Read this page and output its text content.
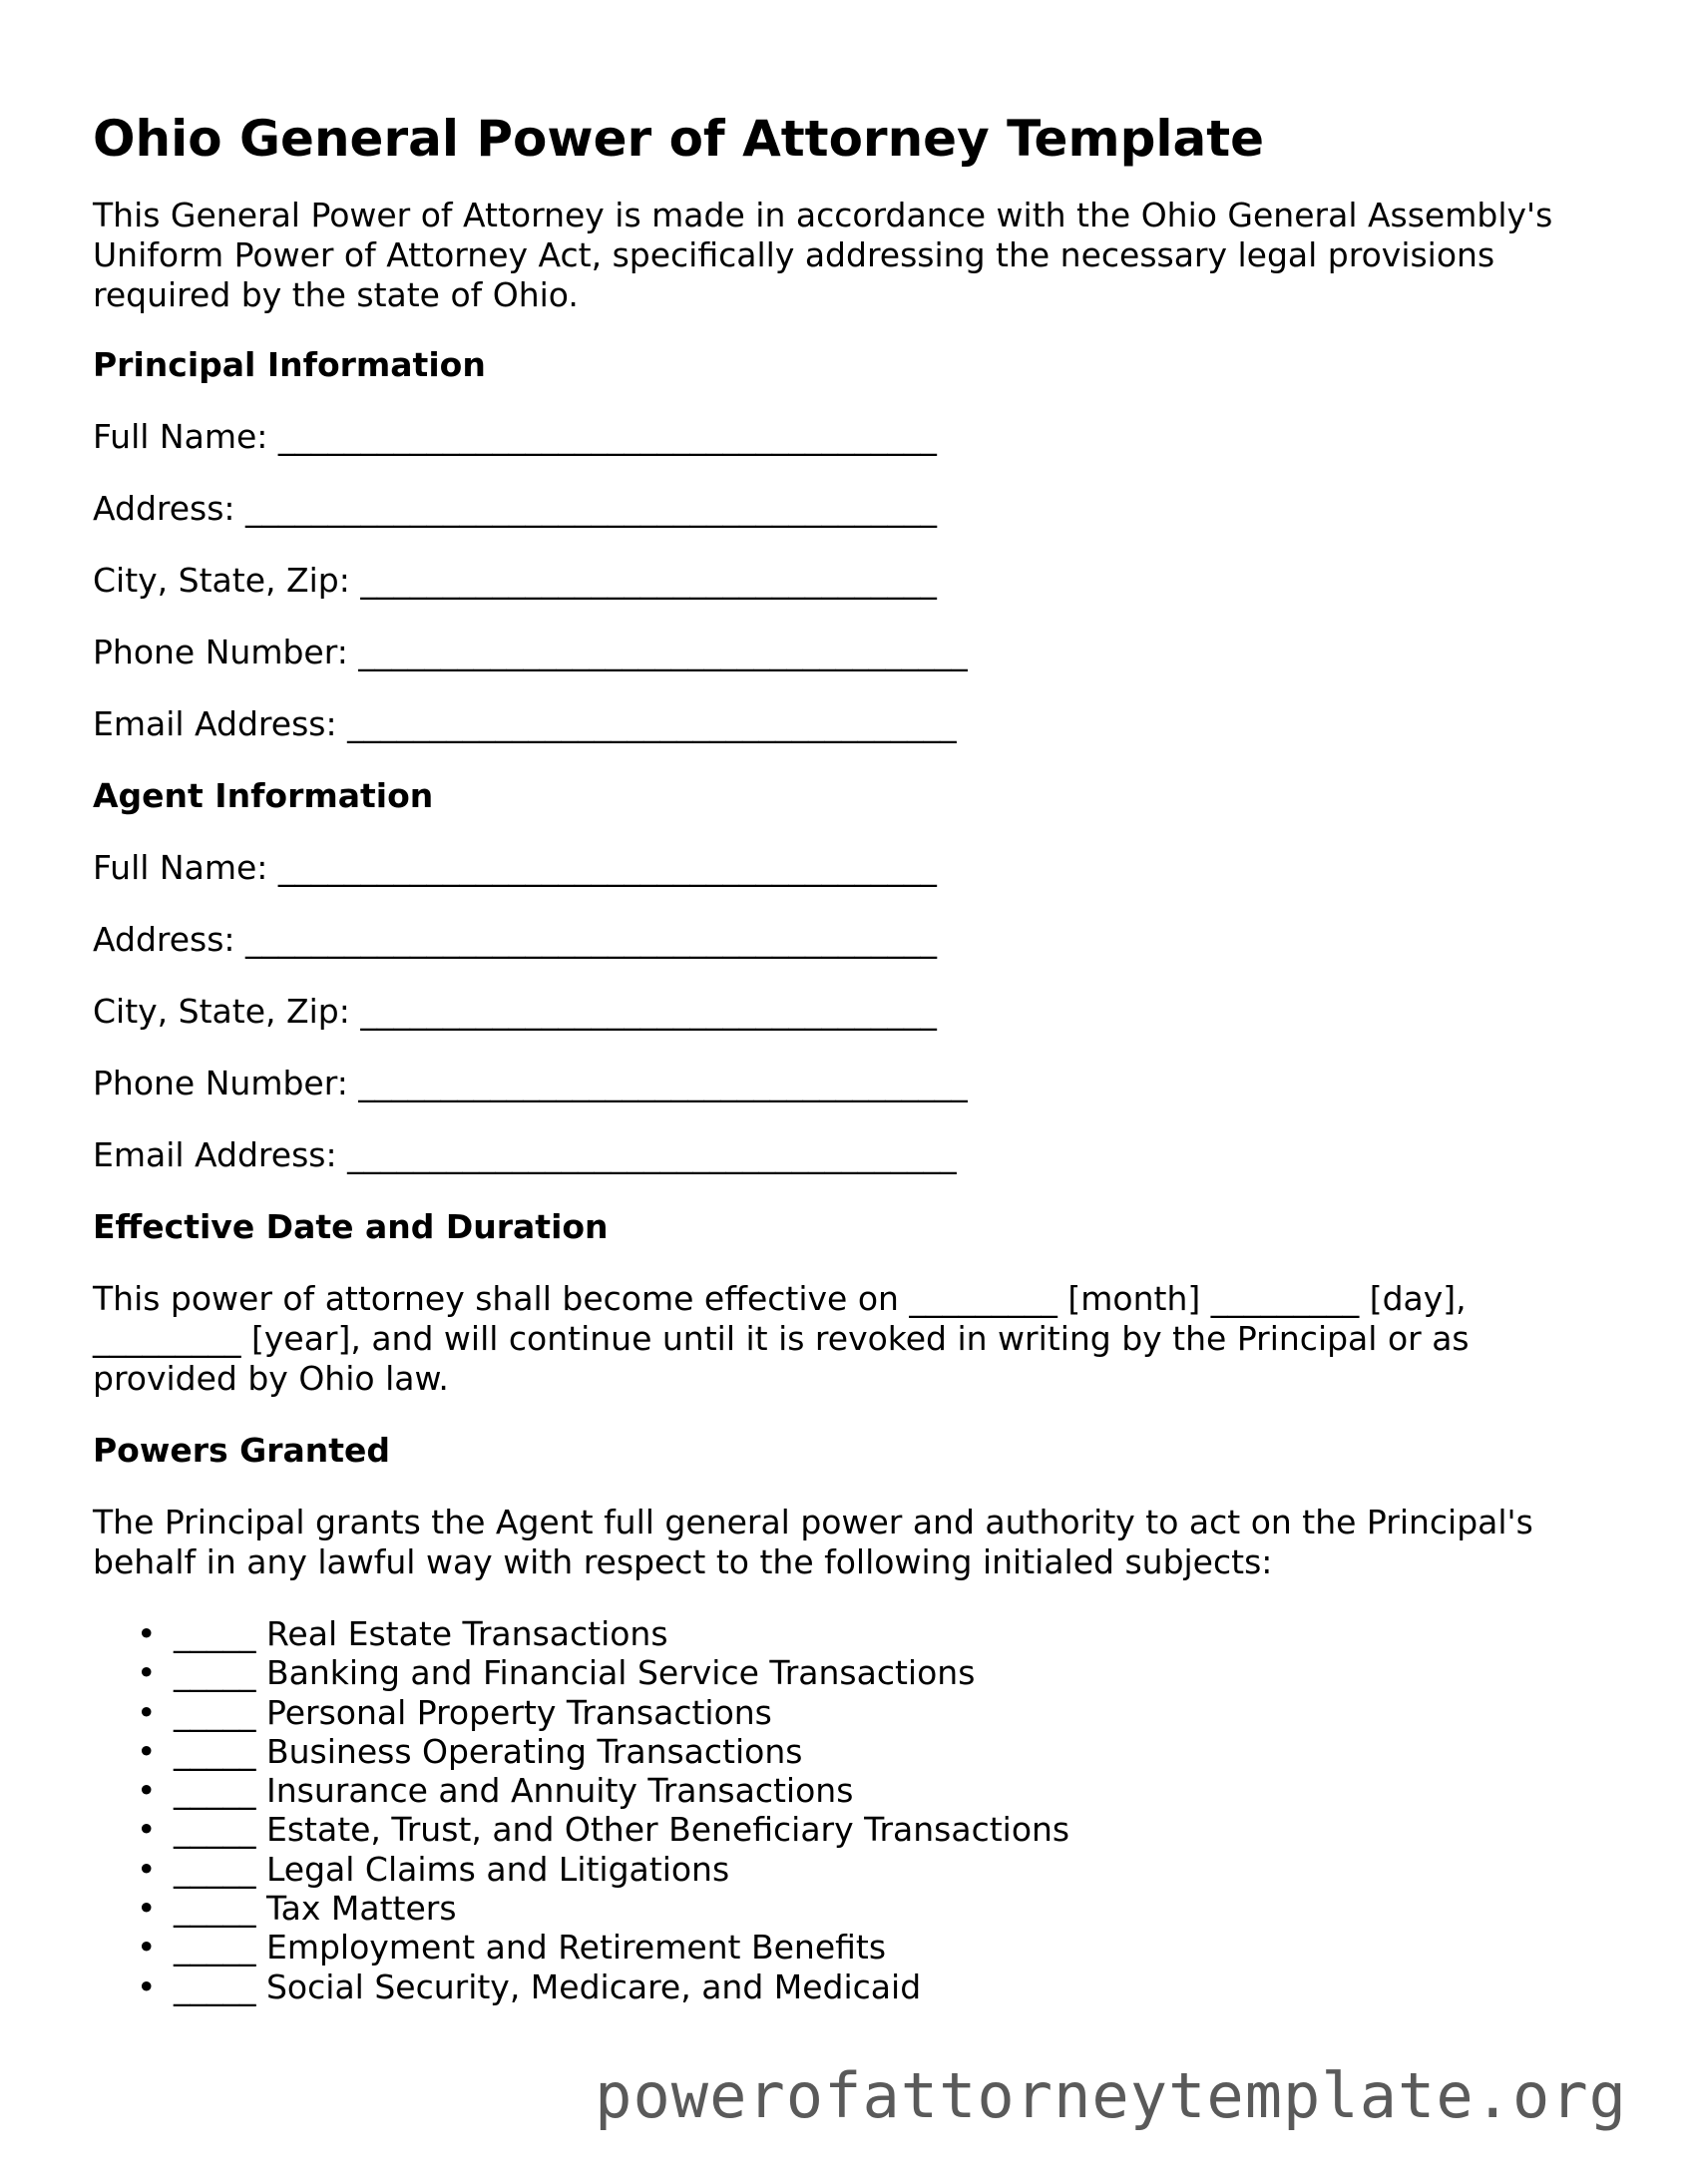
Ohio General Power of Attorney Template

This General Power of Attorney is made in accordance with the Ohio General Assembly's Uniform Power of Attorney Act, specifically addressing the necessary legal provisions required by the state of Ohio.

Principal Information
Full Name: ________________________________________
Address: __________________________________________
City, State, Zip: ___________________________________
Phone Number: _____________________________________
Email Address: _____________________________________
Agent Information
Full Name: ________________________________________
Address: __________________________________________
City, State, Zip: ___________________________________
Phone Number: _____________________________________
Email Address: _____________________________________
Effective Date and Duration

This power of attorney shall become effective on _________ [month] _________ [day], _________ [year], and will continue until it is revoked in writing by the Principal or as provided by Ohio law.

Powers Granted

The Principal grants the Agent full general power and authority to act on the Principal's behalf in any lawful way with respect to the following initialed subjects:

• _____ Real Estate Transactions
• _____ Banking and Financial Service Transactions
• _____ Personal Property Transactions
• _____ Business Operating Transactions
• _____ Insurance and Annuity Transactions
• _____ Estate, Trust, and Other Beneficiary Transactions
• _____ Legal Claims and Litigations
• _____ Tax Matters
• _____ Employment and Retirement Benefits
• _____ Social Security, Medicare, and Medicaid
powerofattorneytemplate.org
